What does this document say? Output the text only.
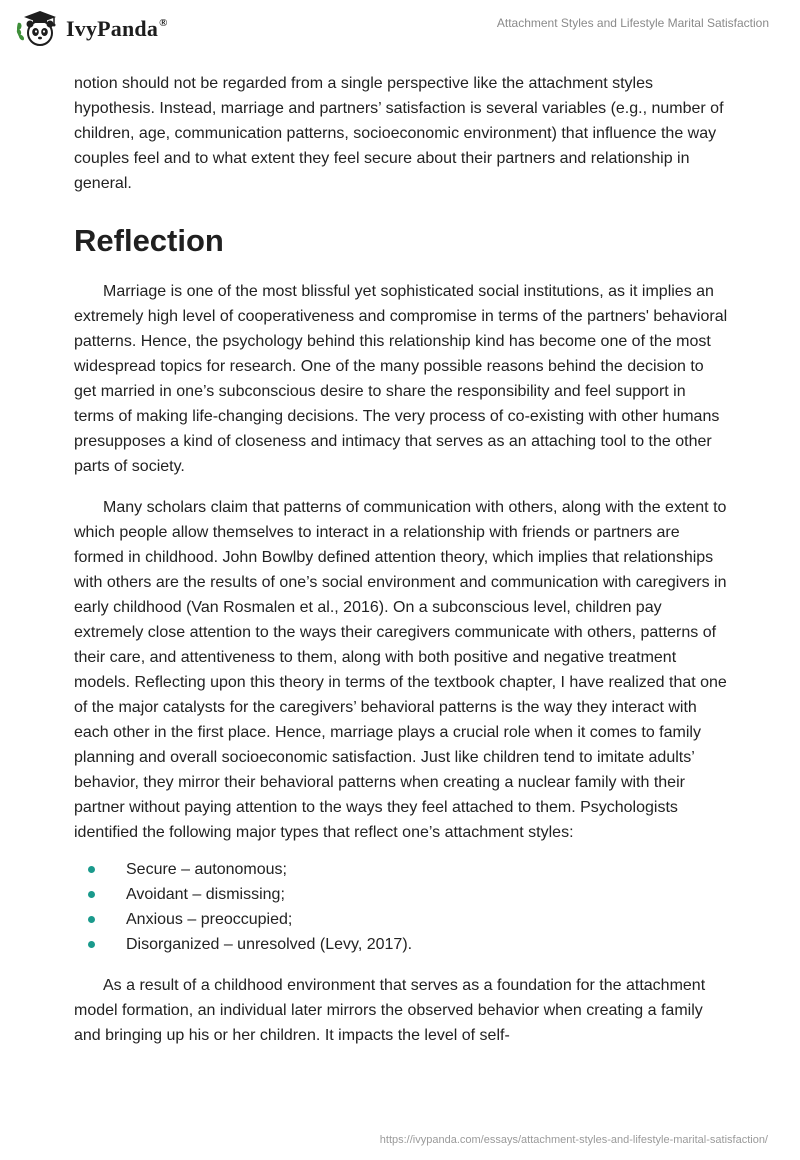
IvyPanda®	Attachment Styles and Lifestyle Marital Satisfaction

notion should not be regarded from a single perspective like the attachment styles hypothesis. Instead, marriage and partners’ satisfaction is several variables (e.g., number of children, age, communication patterns, socioeconomic environment) that influence the way couples feel and to what extent they feel secure about their partners and relationship in general.

Reflection

Marriage is one of the most blissful yet sophisticated social institutions, as it implies an extremely high level of cooperativeness and compromise in terms of the partners' behavioral patterns. Hence, the psychology behind this relationship kind has become one of the most widespread topics for research. One of the many possible reasons behind the decision to get married in one’s subconscious desire to share the responsibility and feel support in terms of making life-changing decisions. The very process of co-existing with other humans presupposes a kind of closeness and intimacy that serves as an attaching tool to the other parts of society.

Many scholars claim that patterns of communication with others, along with the extent to which people allow themselves to interact in a relationship with friends or partners are formed in childhood. John Bowlby defined attention theory, which implies that relationships with others are the results of one’s social environment and communication with caregivers in early childhood (Van Rosmalen et al., 2016). On a subconscious level, children pay extremely close attention to the ways their caregivers communicate with others, patterns of their care, and attentiveness to them, along with both positive and negative treatment models. Reflecting upon this theory in terms of the textbook chapter, I have realized that one of the major catalysts for the caregivers’ behavioral patterns is the way they interact with each other in the first place. Hence, marriage plays a crucial role when it comes to family planning and overall socioeconomic satisfaction. Just like children tend to imitate adults’ behavior, they mirror their behavioral patterns when creating a nuclear family with their partner without paying attention to the ways they feel attached to them. Psychologists identified the following major types that reflect one’s attachment styles:

Secure – autonomous;
Avoidant – dismissing;
Anxious – preoccupied;
Disorganized – unresolved (Levy, 2017).

As a result of a childhood environment that serves as a foundation for the attachment model formation, an individual later mirrors the observed behavior when creating a family and bringing up his or her children. It impacts the level of self-

https://ivypanda.com/essays/attachment-styles-and-lifestyle-marital-satisfaction/
